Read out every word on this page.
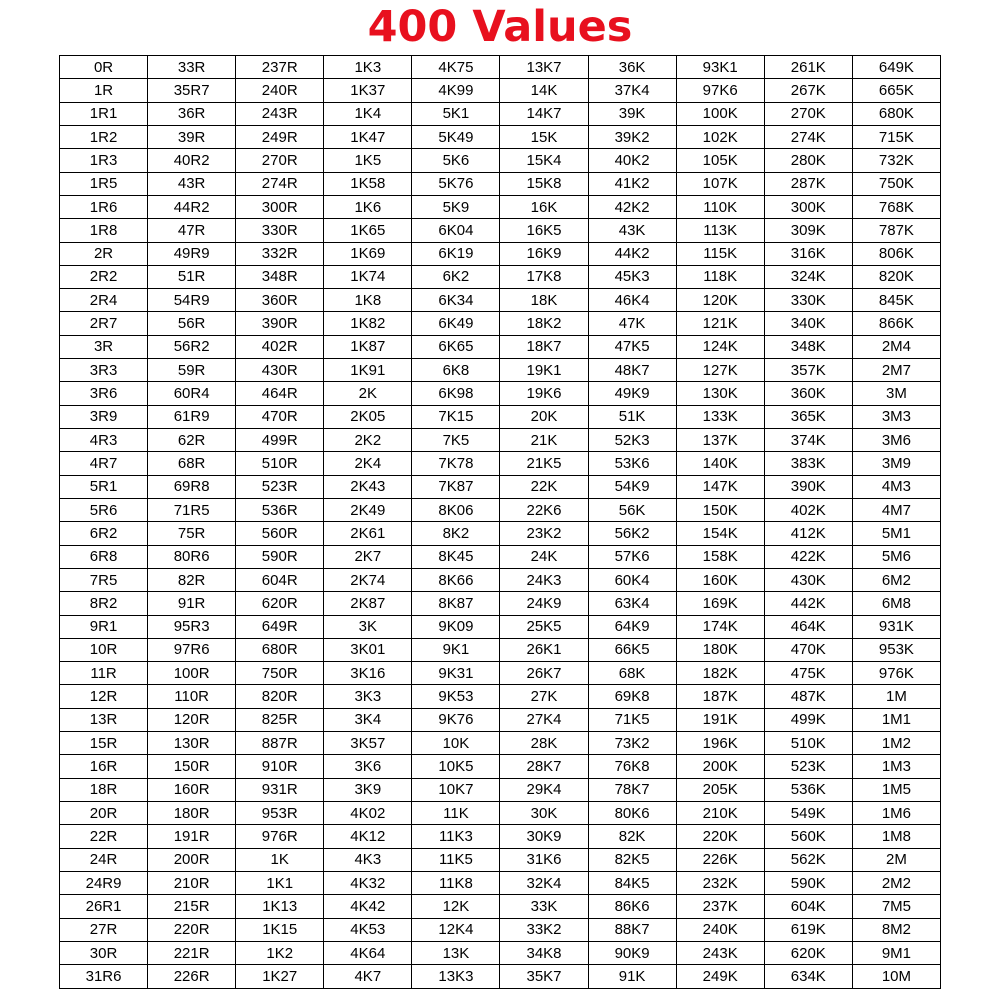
400 Values
0R	33R	237R	1K3	4K75	13K7	36K	93K1	261K	649K
1R	35R7	240R	1K37	4K99	14K	37K4	97K6	267K	665K
1R1	36R	243R	1K4	5K1	14K7	39K	100K	270K	680K
1R2	39R	249R	1K47	5K49	15K	39K2	102K	274K	715K
1R3	40R2	270R	1K5	5K6	15K4	40K2	105K	280K	732K
1R5	43R	274R	1K58	5K76	15K8	41K2	107K	287K	750K
1R6	44R2	300R	1K6	5K9	16K	42K2	110K	300K	768K
1R8	47R	330R	1K65	6K04	16K5	43K	113K	309K	787K
2R	49R9	332R	1K69	6K19	16K9	44K2	115K	316K	806K
2R2	51R	348R	1K74	6K2	17K8	45K3	118K	324K	820K
2R4	54R9	360R	1K8	6K34	18K	46K4	120K	330K	845K
2R7	56R	390R	1K82	6K49	18K2	47K	121K	340K	866K
3R	56R2	402R	1K87	6K65	18K7	47K5	124K	348K	2M4
3R3	59R	430R	1K91	6K8	19K1	48K7	127K	357K	2M7
3R6	60R4	464R	2K	6K98	19K6	49K9	130K	360K	3M
3R9	61R9	470R	2K05	7K15	20K	51K	133K	365K	3M3
4R3	62R	499R	2K2	7K5	21K	52K3	137K	374K	3M6
4R7	68R	510R	2K4	7K78	21K5	53K6	140K	383K	3M9
5R1	69R8	523R	2K43	7K87	22K	54K9	147K	390K	4M3
5R6	71R5	536R	2K49	8K06	22K6	56K	150K	402K	4M7
6R2	75R	560R	2K61	8K2	23K2	56K2	154K	412K	5M1
6R8	80R6	590R	2K7	8K45	24K	57K6	158K	422K	5M6
7R5	82R	604R	2K74	8K66	24K3	60K4	160K	430K	6M2
8R2	91R	620R	2K87	8K87	24K9	63K4	169K	442K	6M8
9R1	95R3	649R	3K	9K09	25K5	64K9	174K	464K	931K
10R	97R6	680R	3K01	9K1	26K1	66K5	180K	470K	953K
11R	100R	750R	3K16	9K31	26K7	68K	182K	475K	976K
12R	110R	820R	3K3	9K53	27K	69K8	187K	487K	1M
13R	120R	825R	3K4	9K76	27K4	71K5	191K	499K	1M1
15R	130R	887R	3K57	10K	28K	73K2	196K	510K	1M2
16R	150R	910R	3K6	10K5	28K7	76K8	200K	523K	1M3
18R	160R	931R	3K9	10K7	29K4	78K7	205K	536K	1M5
20R	180R	953R	4K02	11K	30K	80K6	210K	549K	1M6
22R	191R	976R	4K12	11K3	30K9	82K	220K	560K	1M8
24R	200R	1K	4K3	11K5	31K6	82K5	226K	562K	2M
24R9	210R	1K1	4K32	11K8	32K4	84K5	232K	590K	2M2
26R1	215R	1K13	4K42	12K	33K	86K6	237K	604K	7M5
27R	220R	1K15	4K53	12K4	33K2	88K7	240K	619K	8M2
30R	221R	1K2	4K64	13K	34K8	90K9	243K	620K	9M1
31R6	226R	1K27	4K7	13K3	35K7	91K	249K	634K	10M
